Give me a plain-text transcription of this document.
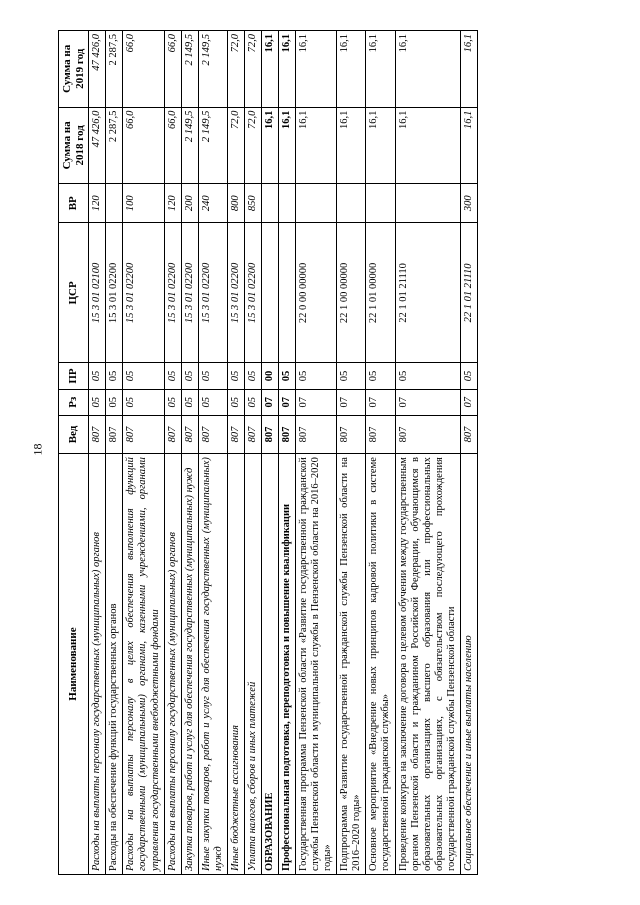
18
Наименование	Вед	Рз	ПР	ЦСР	ВР	Сумма на 2018 год	Сумма на 2019 год
Расходы на выплаты персоналу государственных (муниципальных) органов	807	05	05	15 3 01 02100	120	47 426,0	47 426,0
Расходы на обеспечение функций государственных органов	807	05	05	15 3 01 02200		2 287,5	2 287,5
Расходы на выплаты персоналу в целях обеспечения выполнения функций государственными (муниципальными) органами, казенными учреждениями, органами управления государственными внебюджетными фондами	807	05	05	15 3 01 02200	100	66,0	66,0
Расходы на выплаты персоналу государственных (муниципальных) органов	807	05	05	15 3 01 02200	120	66,0	66,0
Закупка товаров, работ и услуг для обеспечения государственных (муниципальных) нужд	807	05	05	15 3 01 02200	200	2 149,5	2 149,5
Иные закупки товаров, работ и услуг для обеспечения государственных (муниципальных) нужд	807	05	05	15 3 01 02200	240	2 149,5	2 149,5
Иные бюджетные ассигнования	807	05	05	15 3 01 02200	800	72,0	72,0
Уплата налогов, сборов и иных платежей	807	05	05	15 3 01 02200	850	72,0	72,0
ОБРАЗОВАНИЕ	807	07	00			16,1	16,1
Профессиональная подготовка, переподготовка и повышение квалификации	807	07	05			16,1	16,1
Государственная программа Пензенской области «Развитие государственной гражданской службы Пензенской области и муниципальной службы в Пензенской области на 2016–2020 годы»	807	07	05	22 0 00 00000		16,1	16,1
Подпрограмма «Развитие государственной гражданской службы Пензенской области на 2016–2020 годы»	807	07	05	22 1 00 00000		16,1	16,1
Основное мероприятие «Внедрение новых принципов кадровой политики в системе государственной гражданской службы»	807	07	05	22 1 01 00000		16,1	16,1
Проведение конкурса на заключение договора о целевом обучении между государственным органом Пензенской области и гражданином Российской Федерации, обучающимся в образовательных организациях высшего образования или профессиональных образовательных организациях, с обязательством последующего прохождения государственной гражданской службы Пензенской области	807	07	05	22 1 01 21110		16,1	16,1
Социальное обеспечение и иные выплаты населению	807	07	05	22 1 01 21110	300	16,1	16,1
